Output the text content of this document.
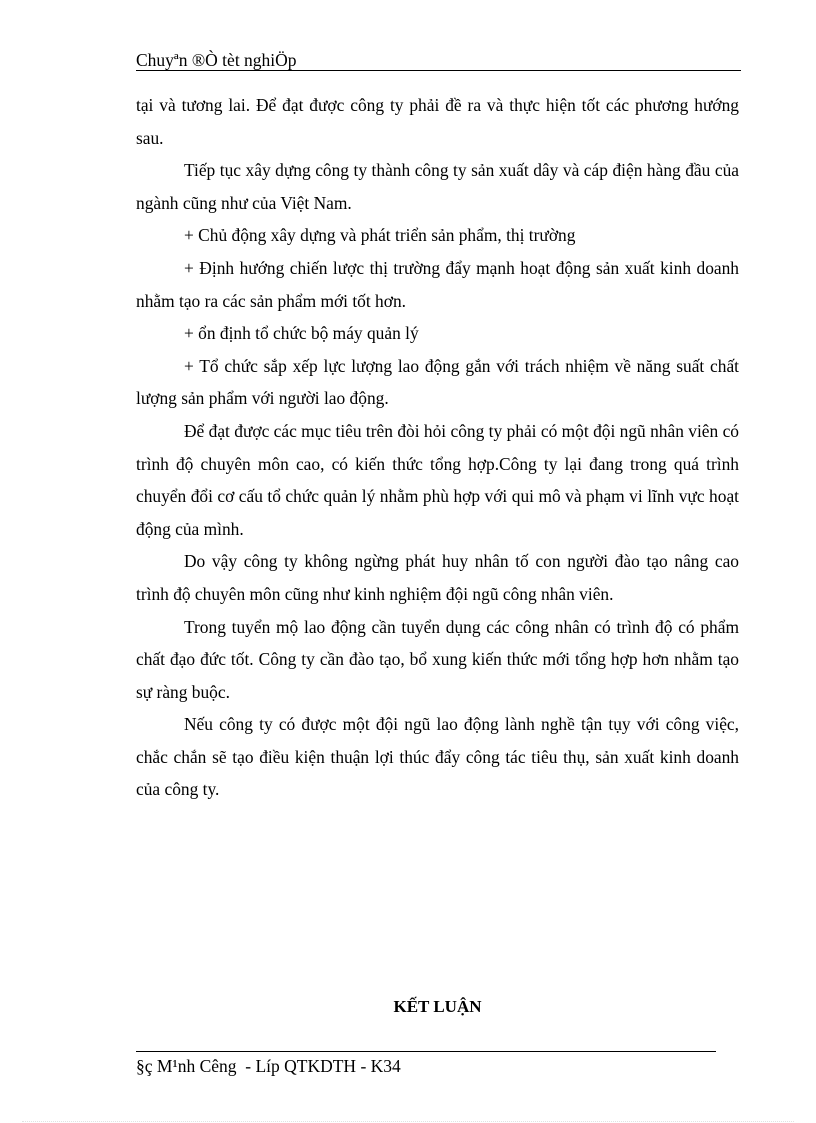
Chuyªn ®Ò tèt nghiÖp

tại và tương lai. Để đạt được công ty phải đề ra và thực hiện tốt các phương hướng sau.

Tiếp tục xây dựng công ty thành công ty sản xuất dây và cáp điện hàng đầu của ngành cũng như của Việt Nam.

+ Chủ động xây dựng và phát triển sản phẩm, thị trường

+ Định hướng chiến lược thị trường đẩy mạnh hoạt động sản xuất kinh doanh nhằm tạo ra các sản phẩm mới tốt hơn.

+ ổn định tổ chức bộ máy quản lý

+ Tổ chức sắp xếp lực lượng lao động gắn với trách nhiệm về năng suất chất lượng sản phẩm với người lao động.

Để đạt được các mục tiêu trên đòi hỏi công ty phải có một đội ngũ nhân viên có trình độ chuyên môn cao, có kiến thức tổng hợp.Công ty lại đang trong quá trình chuyển đổi cơ cấu tổ chức quản lý nhằm phù hợp với qui mô và phạm vi lĩnh vực hoạt động của mình.

Do vậy công ty không ngừng phát huy nhân tố con người đào tạo nâng cao trình độ chuyên môn cũng như kinh nghiệm đội ngũ công nhân viên.

Trong tuyển mộ lao động cần tuyển dụng các công nhân có trình độ có phẩm chất đạo đức tốt. Công ty cần đào tạo, bổ xung kiến thức mới tổng hợp hơn nhằm tạo sự ràng buộc.

Nếu công ty có được một đội ngũ lao động lành nghề tận tụy với công việc, chắc chắn sẽ tạo điều kiện thuận lợi thúc đẩy công tác tiêu thụ, sản xuất kinh doanh của công ty.

KẾT LUẬN
§ç M¹nh Cêng  - Líp QTKDTH - K34
